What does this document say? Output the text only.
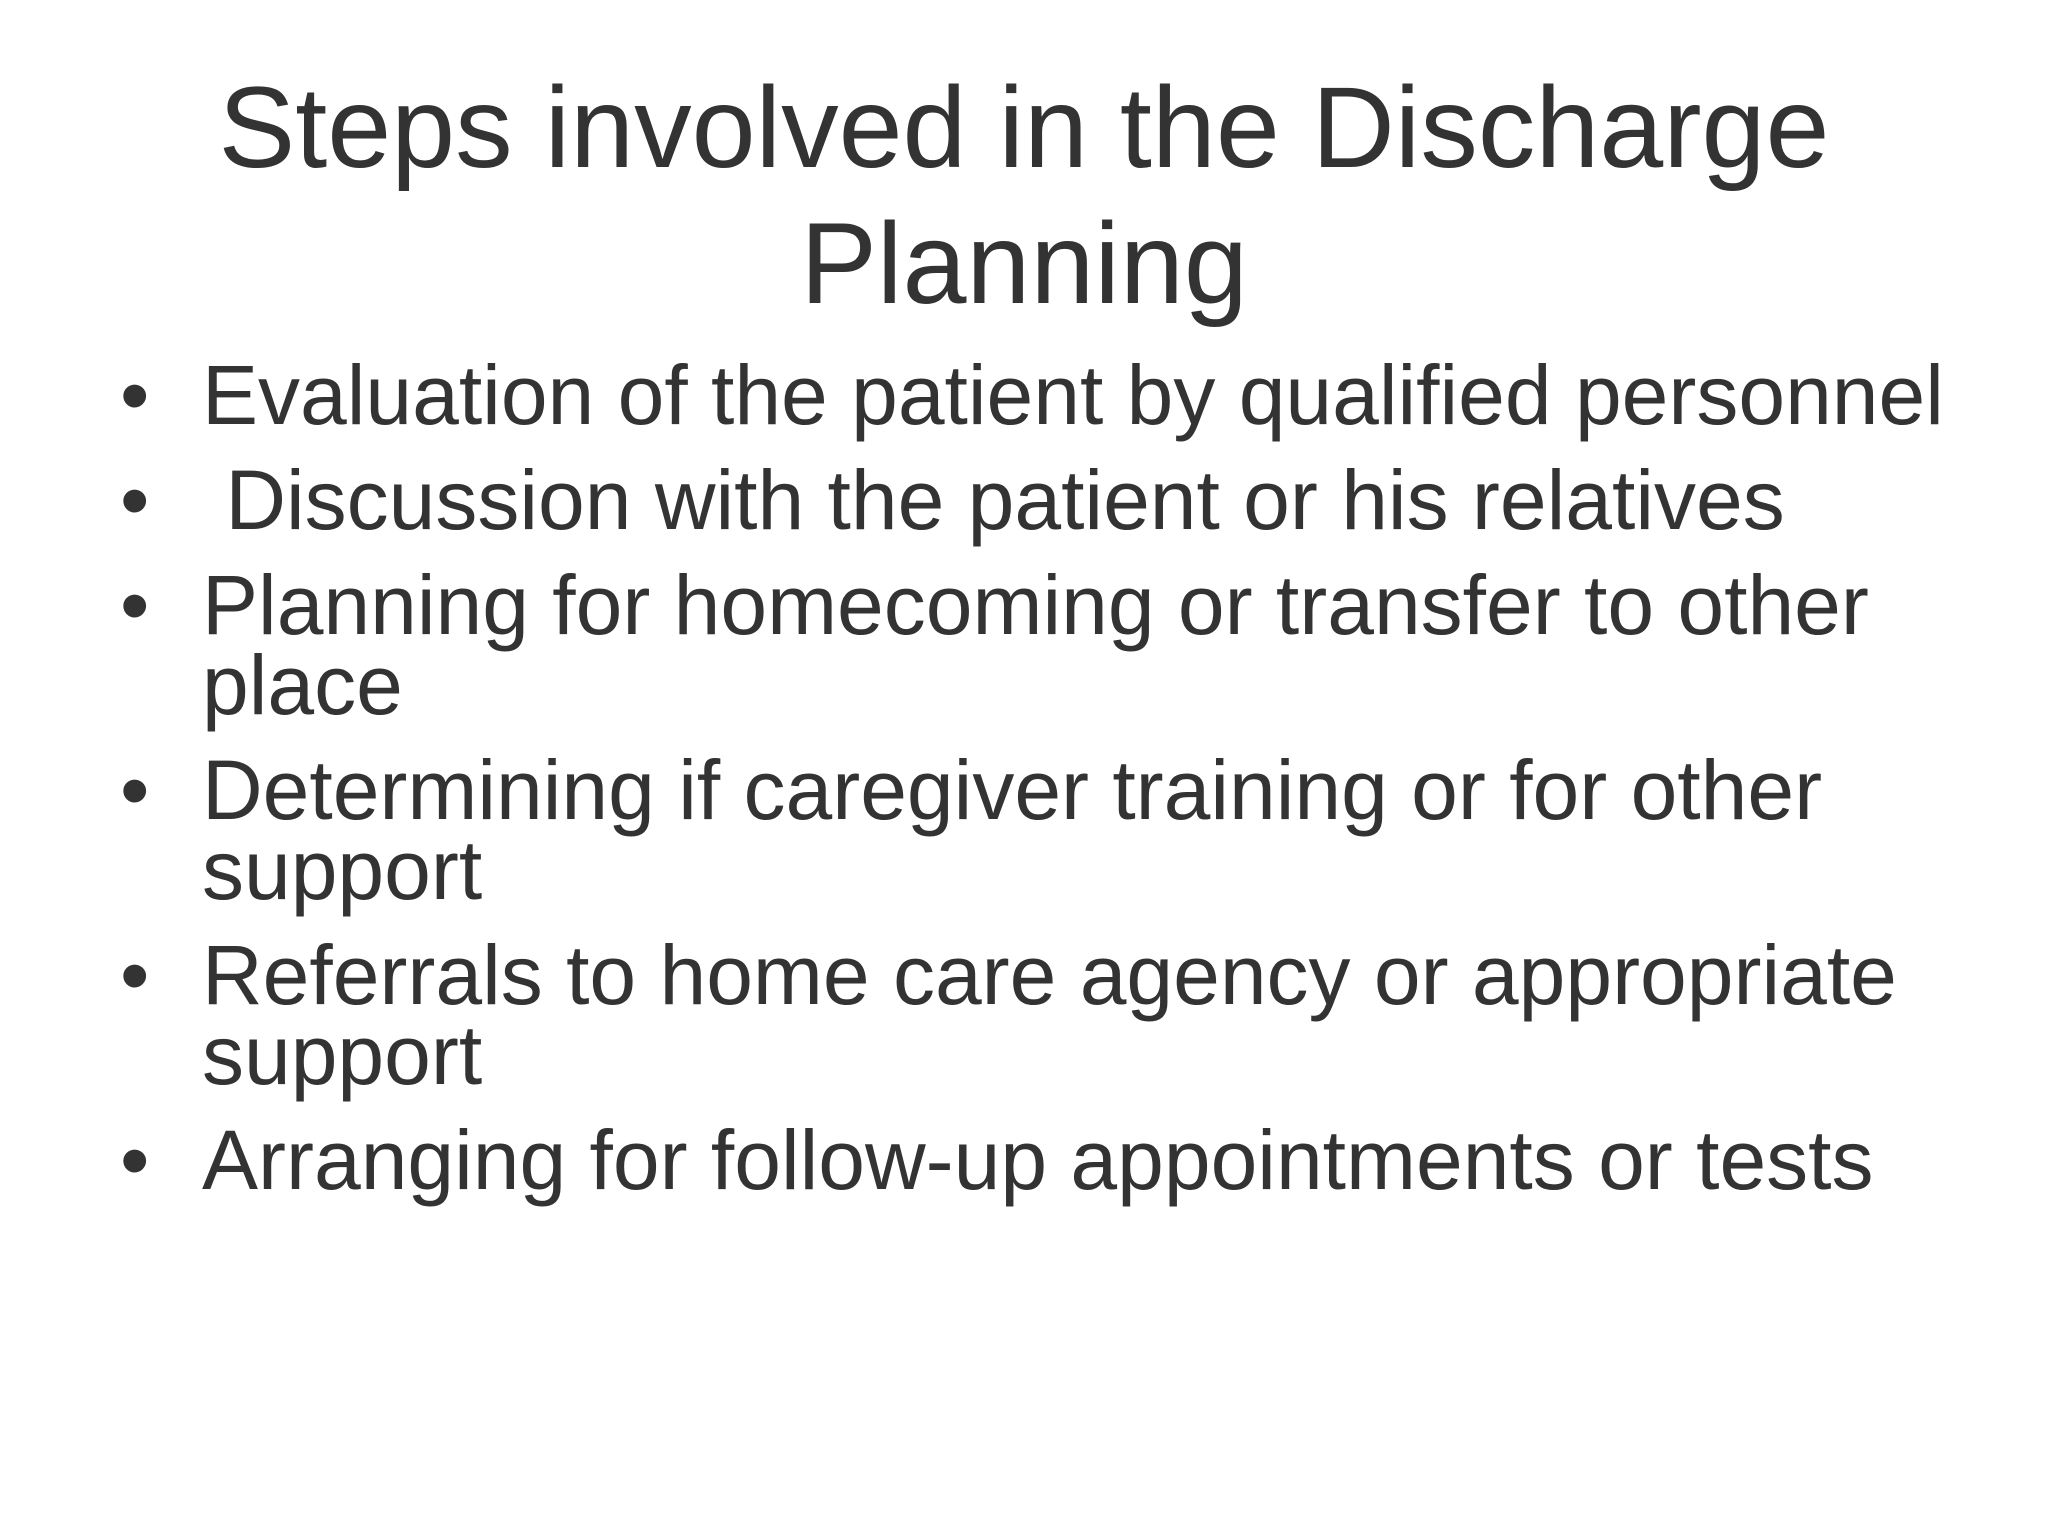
Steps involved in the Discharge Planning
• Evaluation of the patient by qualified personnel
• Discussion with the patient or his relatives
• Planning for homecoming or transfer to other place
• Determining if caregiver training or for other support
• Referrals to home care agency or appropriate support
• Arranging for follow-up appointments or tests
